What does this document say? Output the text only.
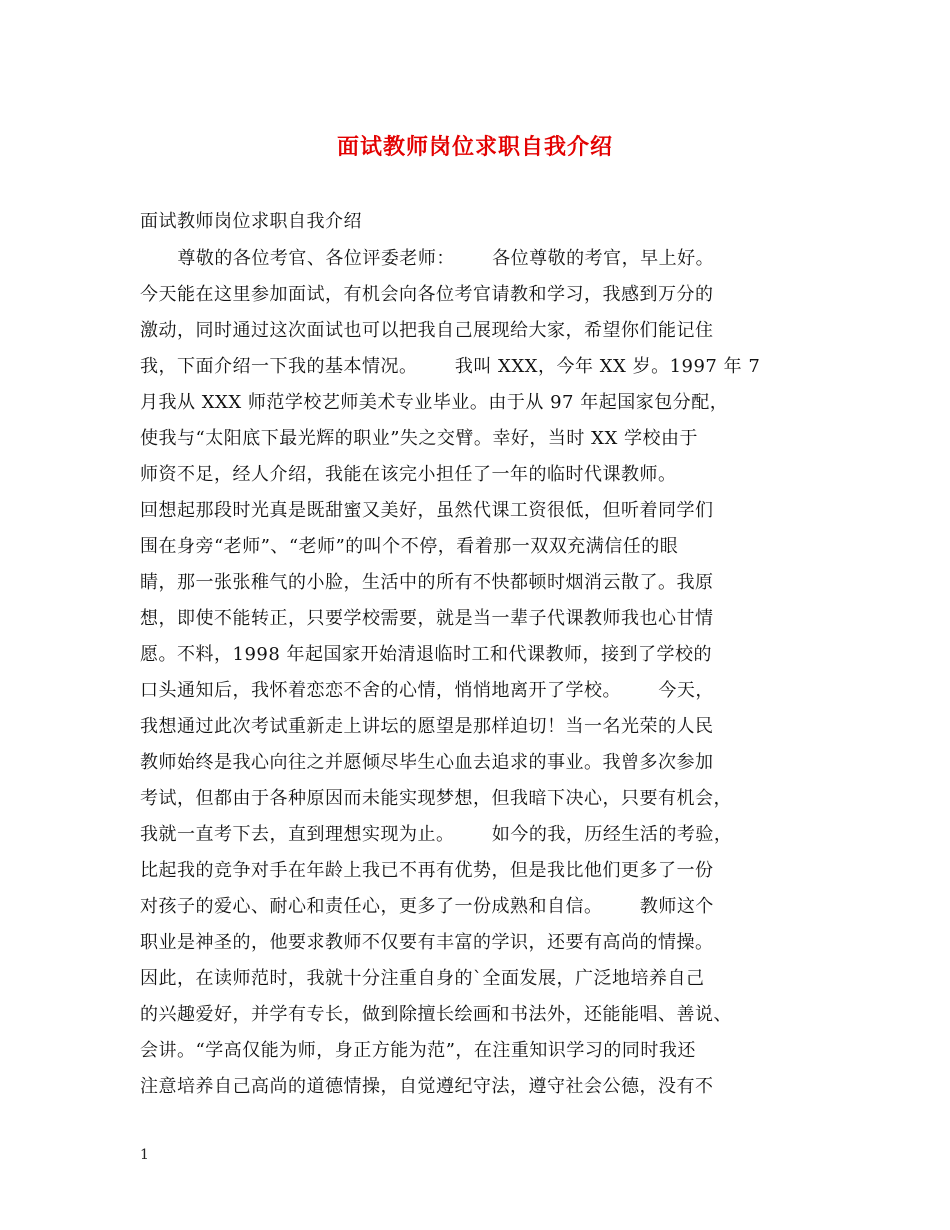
面试教师岗位求职自我介绍
面试教师岗位求职自我介绍
尊敬的各位考官、各位评委老师：      各位尊敬的考官，早上好。
今天能在这里参加面试，有机会向各位考官请教和学习，我感到万分的
激动，同时通过这次面试也可以把我自己展现给大家，希望你们能记住
我，下面介绍一下我的基本情况。      我叫 XXX，今年 XX 岁。1997 年 7
月我从 XXX 师范学校艺师美术专业毕业。由于从 97 年起国家包分配，
使我与“太阳底下最光辉的职业”失之交臂。幸好，当时 XX 学校由于
师资不足，经人介绍，我能在该完小担任了一年的临时代课教师。
回想起那段时光真是既甜蜜又美好，虽然代课工资很低，但听着同学们
围在身旁“老师”、“老师”的叫个不停，看着那一双双充满信任的眼
睛，那一张张稚气的小脸，生活中的所有不快都顿时烟消云散了。我原
想，即使不能转正，只要学校需要，就是当一辈子代课教师我也心甘情
愿。不料，1998 年起国家开始清退临时工和代课教师，接到了学校的
口头通知后，我怀着恋恋不舍的心情，悄悄地离开了学校。      今天，
我想通过此次考试重新走上讲坛的愿望是那样迫切！当一名光荣的人民
教师始终是我心向往之并愿倾尽毕生心血去追求的事业。我曾多次参加
考试，但都由于各种原因而未能实现梦想，但我暗下决心，只要有机会，
我就一直考下去，直到理想实现为止。      如今的我，历经生活的考验，
比起我的竞争对手在年龄上我已不再有优势，但是我比他们更多了一份
对孩子的爱心、耐心和责任心，更多了一份成熟和自信。      教师这个
职业是神圣的，他要求教师不仅要有丰富的学识，还要有高尚的情操。
因此，在读师范时，我就十分注重自身的`全面发展，广泛地培养自己
的兴趣爱好，并学有专长，做到除擅长绘画和书法外，还能能唱、善说、
会讲。“学高仅能为师，身正方能为范”，在注重知识学习的同时我还
注意培养自己高尚的道德情操，自觉遵纪守法，遵守社会公德，没有不
1
